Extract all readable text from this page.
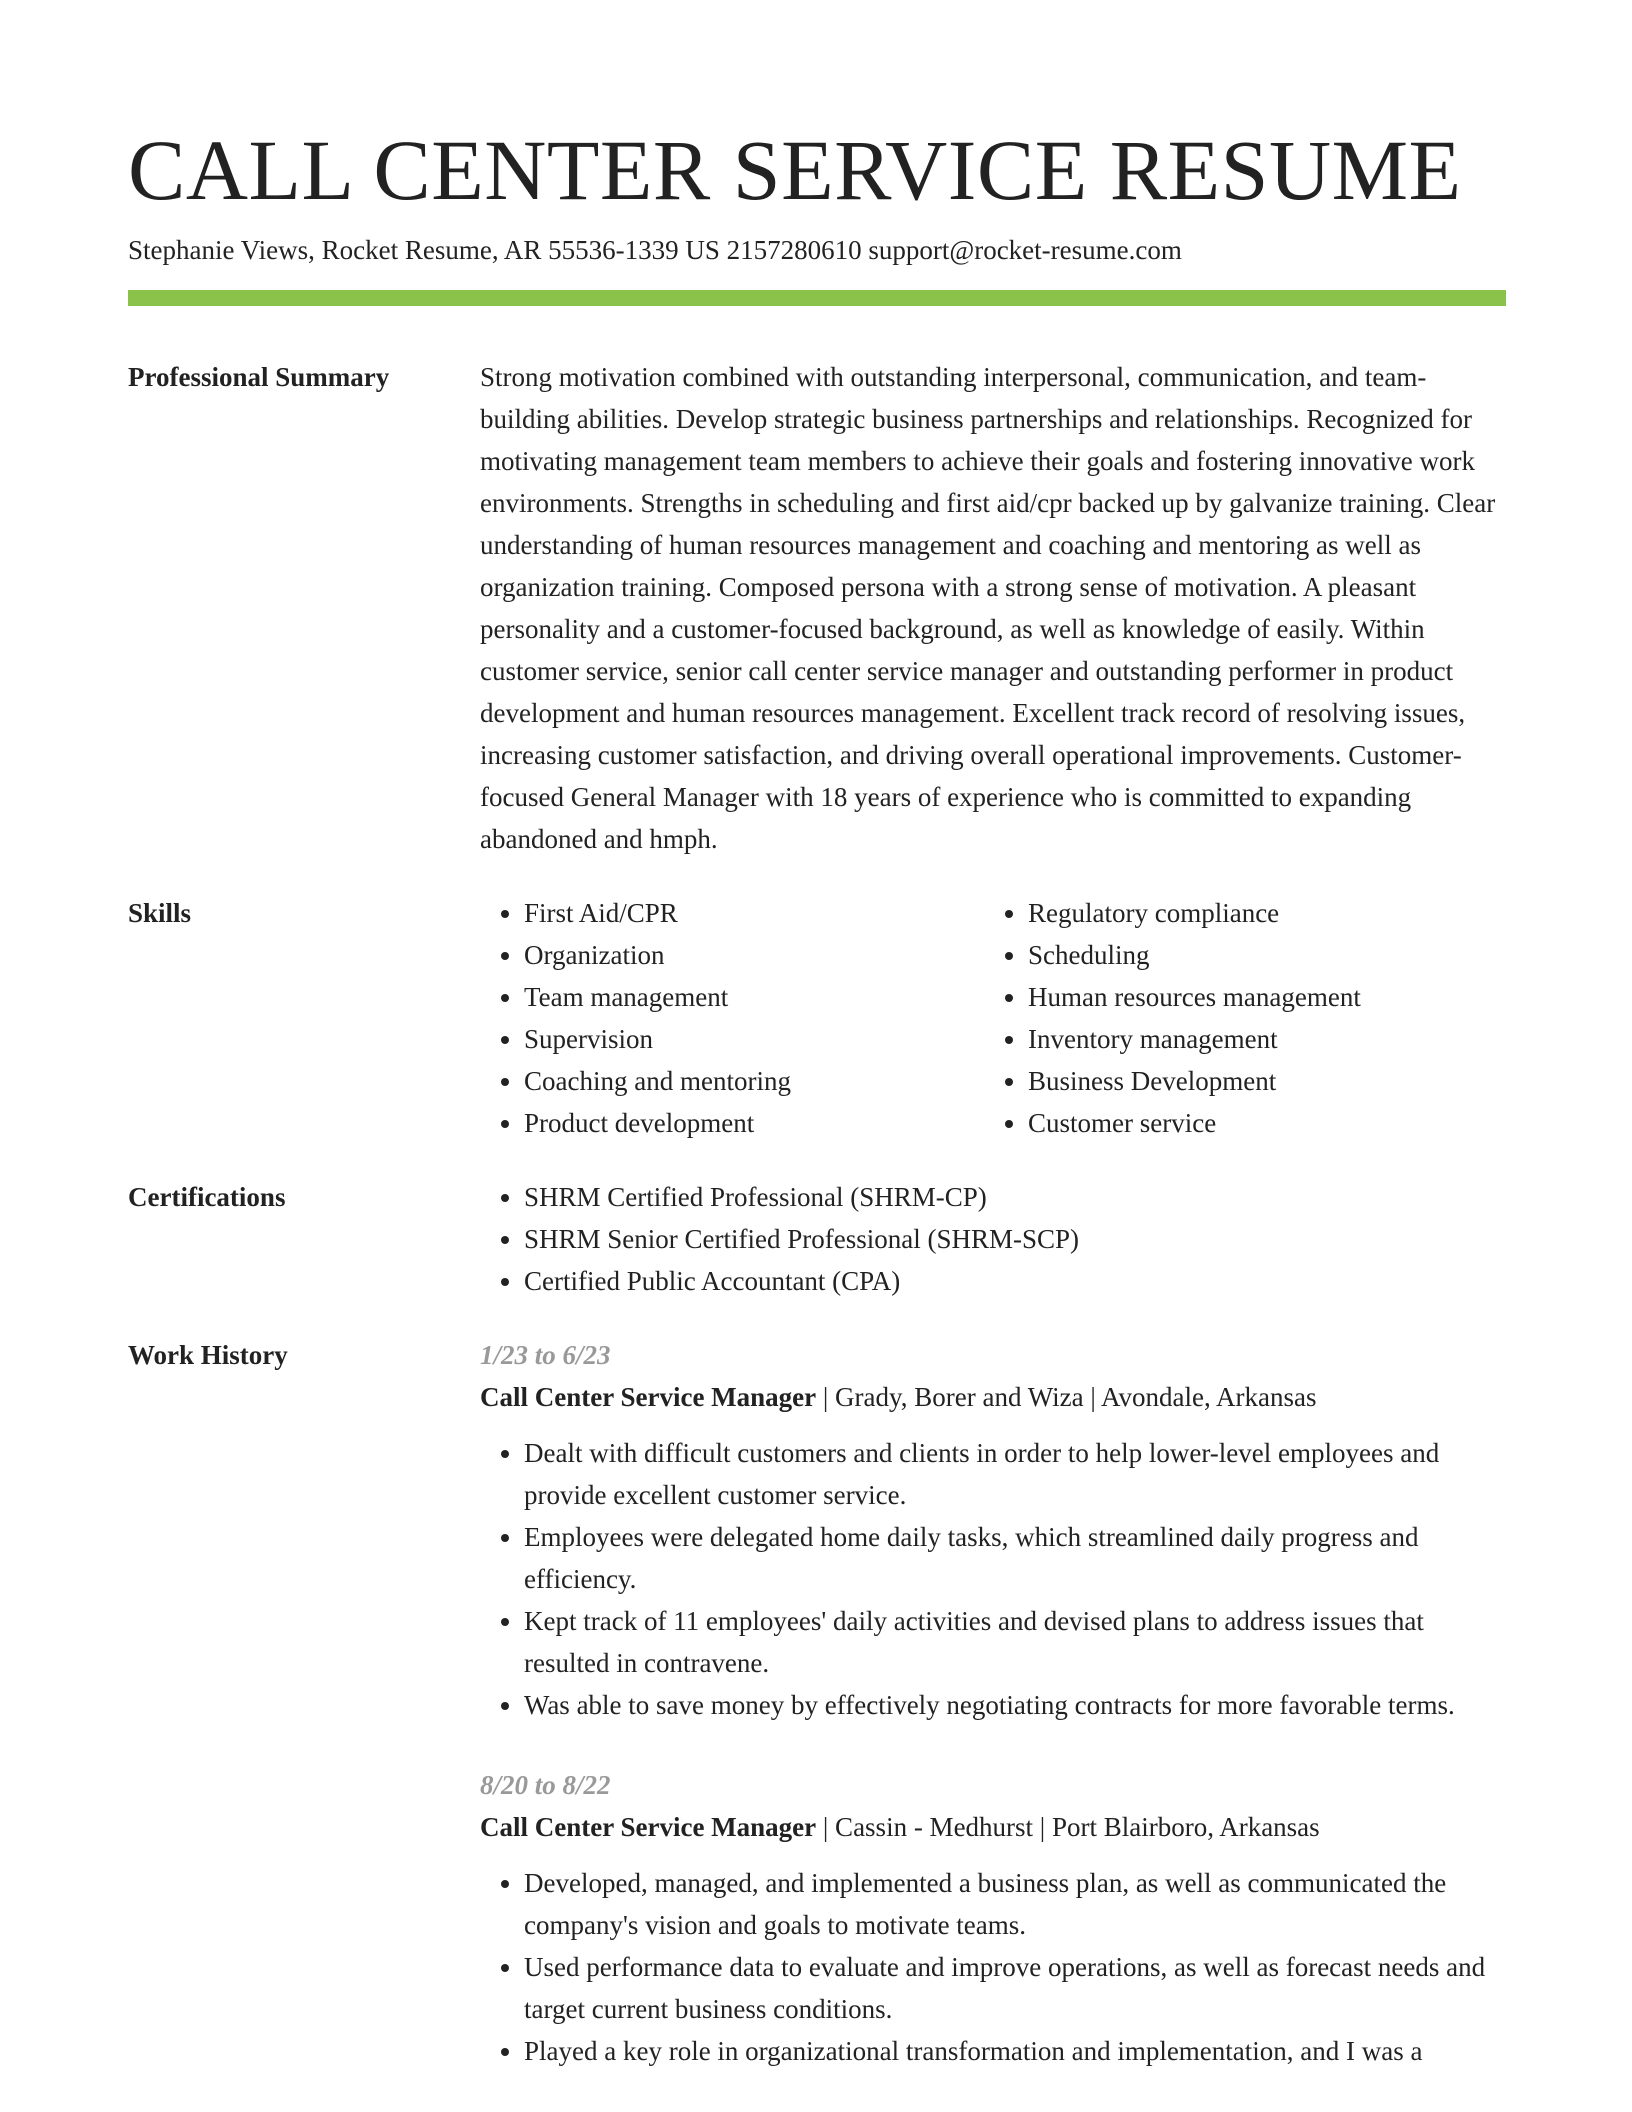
CALL CENTER SERVICE RESUME
Stephanie Views, Rocket Resume, AR 55536-1339 US 2157280610 support@rocket-resume.com
Professional Summary	Strong motivation combined with outstanding interpersonal, communication, and team-building abilities. Develop strategic business partnerships and relationships. Recognized for motivating management team members to achieve their goals and fostering innovative work environments. Strengths in scheduling and first aid/cpr backed up by galvanize training. Clear understanding of human resources management and coaching and mentoring as well as organization training. Composed persona with a strong sense of motivation. A pleasant personality and a customer-focused background, as well as knowledge of easily. Within customer service, senior call center service manager and outstanding performer in product development and human resources management. Excellent track record of resolving issues, increasing customer satisfaction, and driving overall operational improvements. Customer-focused General Manager with 18 years of experience who is committed to expanding abandoned and hmph.

Skills	• First Aid/CPR
• Organization
• Team management
• Supervision
• Coaching and mentoring
• Product development
• Regulatory compliance
• Scheduling
• Human resources management
• Inventory management
• Business Development
• Customer service
Certifications	• SHRM Certified Professional (SHRM-CP)
• SHRM Senior Certified Professional (SHRM-SCP)
• Certified Public Accountant (CPA)
Work History	1/23 to 6/23
Call Center Service Manager | Grady, Borer and Wiza | Avondale, Arkansas
• Dealt with difficult customers and clients in order to help lower-level employees and provide excellent customer service.
• Employees were delegated home daily tasks, which streamlined daily progress and efficiency.
• Kept track of 11 employees' daily activities and devised plans to address issues that resulted in contravene.
• Was able to save money by effectively negotiating contracts for more favorable terms.
8/20 to 8/22
Call Center Service Manager | Cassin - Medhurst | Port Blairboro, Arkansas
• Developed, managed, and implemented a business plan, as well as communicated the company's vision and goals to motivate teams.
• Used performance data to evaluate and improve operations, as well as forecast needs and target current business conditions.
• Played a key role in organizational transformation and implementation, and I was a
